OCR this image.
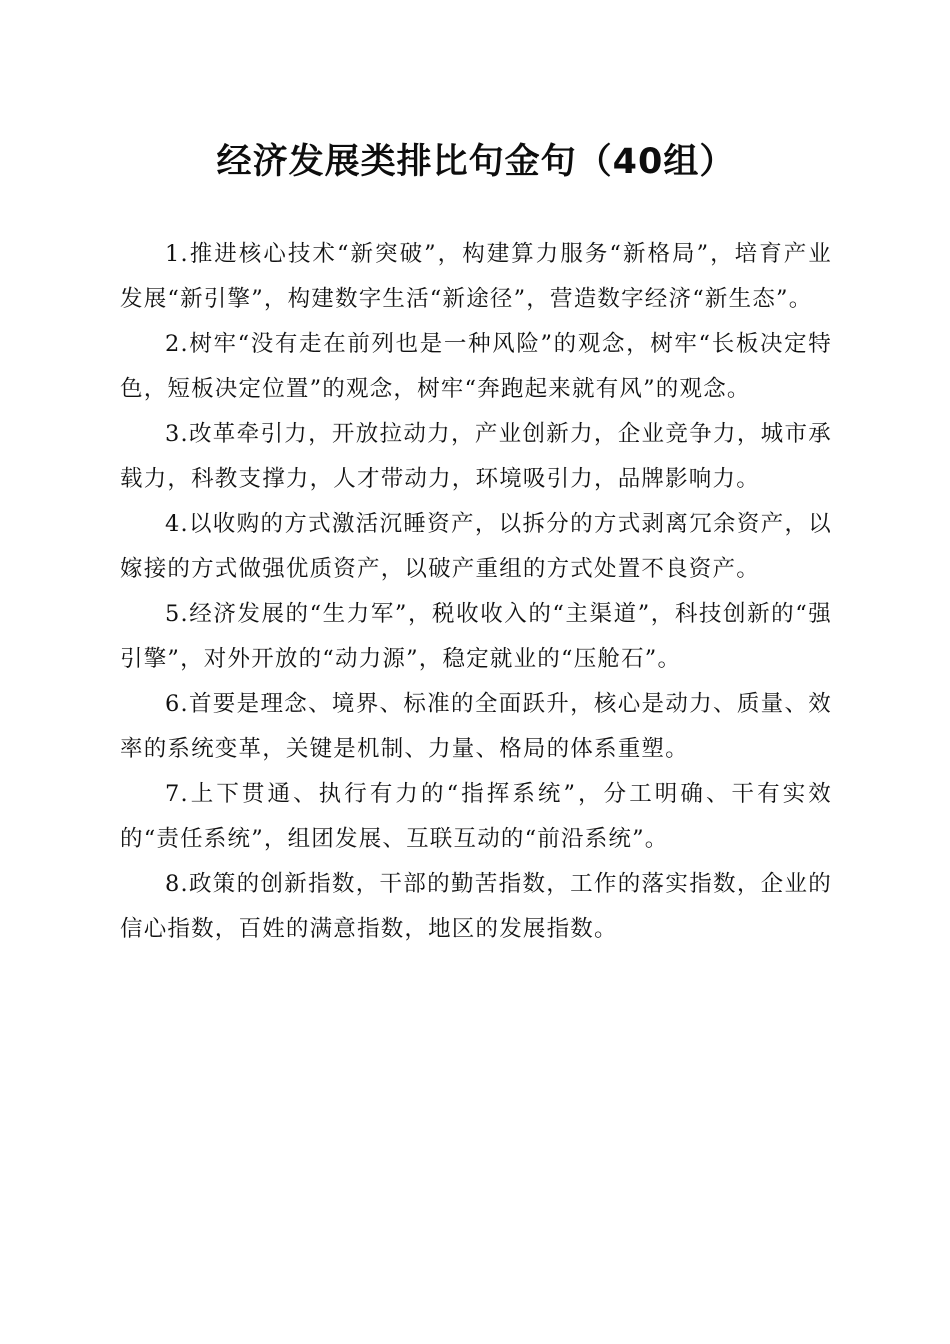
经济发展类排比句金句（40组）

1.推进核心技术“新突破”，构建算力服务“新格局”，培育产业发展“新引擎”，构建数字生活“新途径”，营造数字经济“新生态”。

2.树牢“没有走在前列也是一种风险”的观念，树牢“长板决定特色，短板决定位置”的观念，树牢“奔跑起来就有风”的观念。

3.改革牵引力，开放拉动力，产业创新力，企业竞争力，城市承载力，科教支撑力，人才带动力，环境吸引力，品牌影响力。

4.以收购的方式激活沉睡资产，以拆分的方式剥离冗余资产，以嫁接的方式做强优质资产，以破产重组的方式处置不良资产。

5.经济发展的“生力军”，税收收入的“主渠道”，科技创新的“强引擎”，对外开放的“动力源”，稳定就业的“压舱石”。

6.首要是理念、境界、标准的全面跃升，核心是动力、质量、效率的系统变革，关键是机制、力量、格局的体系重塑。

7.上下贯通、执行有力的“指挥系统”，分工明确、干有实效的“责任系统”，组团发展、互联互动的“前沿系统”。

8.政策的创新指数，干部的勤苦指数，工作的落实指数，企业的信心指数，百姓的满意指数，地区的发展指数。
